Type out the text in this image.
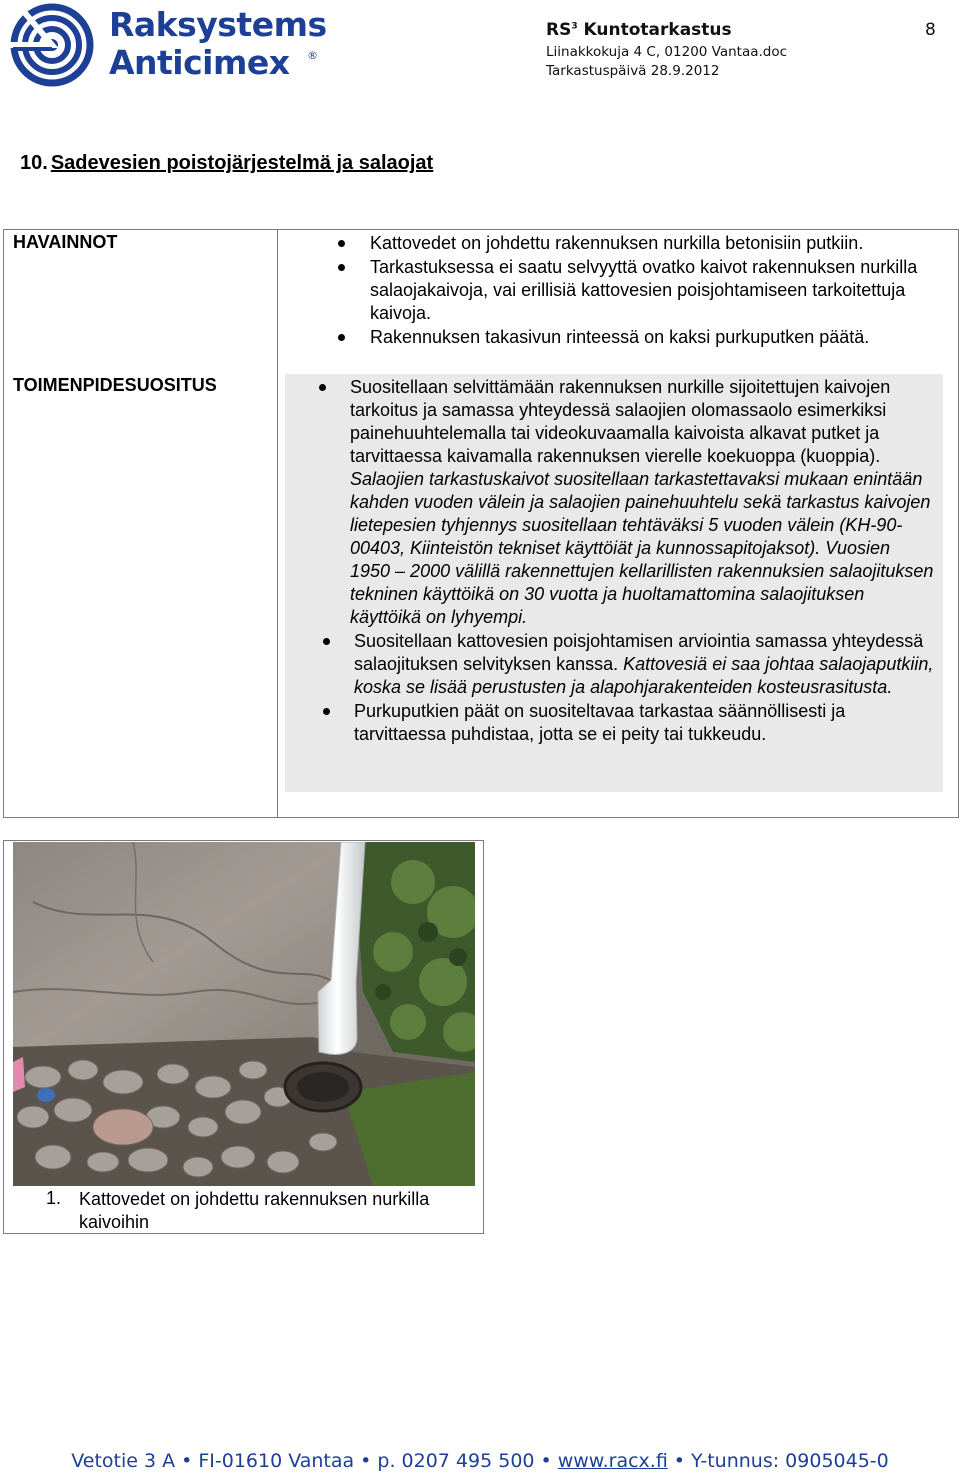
Raksystems
Anticimex ®
$RS^3$ Kuntotarkastus
Liinakkokuja 4 C, 01200 Vantaa.doc
Tarkastuspäivä 28.9.2012
8
10. Sadevesien poistojärjestelmä ja salaojat
HAVAINNOT	Kattovedet on johdettu rakennuksen nurkilla betonisiin putkiin.
Tarkastuksessa ei saatu selvyyttä ovatko kaivot rakennuksen nurkilla salaojakaivoja, vai erillisiä kattovesien poisjohtamiseen tarkoitettuja kaivoja.
Rakennuksen takasivun rinteessä on kaksi purkuputken päätä.
TOIMENPIDESUOSITUS	Suositellaan selvittämään rakennuksen nurkille sijoitettujen kaivojen tarkoitus ja samassa yhteydessä salaojien olomassaolo esimerkiksi painehuuhtelemalla tai videokuvaamalla kaivoista alkavat putket ja tarvittaessa kaivamalla rakennuksen vierelle koekuoppa (kuoppia). Salaojien tarkastuskaivot suositellaan tarkastettavaksi mukaan enintään kahden vuoden välein ja salaojien painehuuhtelu sekä tarkastus kaivojen lietepesien tyhjennys suositellaan tehtäväksi 5 vuoden välein (KH-90-00403, Kiinteistön tekniset käyttöiät ja kunnossapitojaksot). Vuosien 1950 – 2000 välillä rakennettujen kellarillisten rakennuksien salaojituksen tekninen käyttöikä on 30 vuotta ja huoltamattomina salaojituksen käyttöikä on lyhyempi.
Suositellaan kattovesien poisjohtamisen arviointia samassa yhteydessä salaojituksen selvityksen kanssa. Kattovesiä ei saa johtaa salaojaputkiin, koska se lisää perustusten ja alapohjarakenteiden kosteusrasitusta.
Purkuputkien päät on suositeltavaa tarkastaa säännöllisesti ja tarvittaessa puhdistaa, jotta se ei peity tai tukkeudu.
1. Kattovedet on johdettu rakennuksen nurkilla kaivoihin
Vetotie 3 A • FI-01610 Vantaa • p. 0207 495 500 • www.racx.fi • Y-tunnus: 0905045-0
